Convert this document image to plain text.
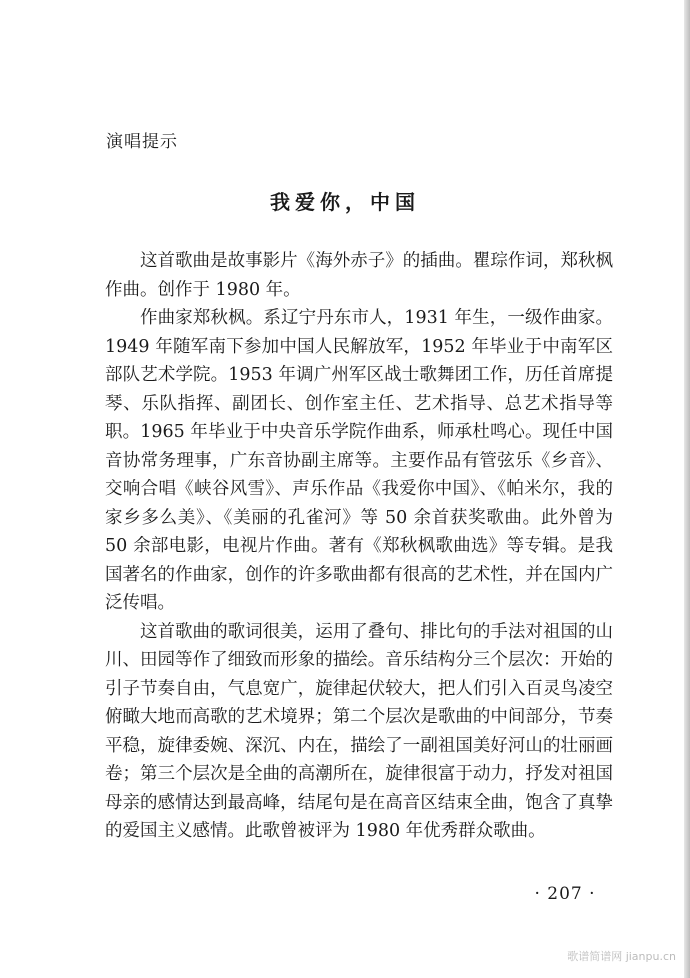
演唱提示
我爱你，中国

这首歌曲是故事影片《海外赤子》的插曲。瞿琮作词，郑秋枫作曲。创作于 1980 年。

作曲家郑秋枫。系辽宁丹东市人，1931 年生，一级作曲家。1949 年随军南下参加中国人民解放军，1952 年毕业于中南军区部队艺术学院。1953 年调广州军区战士歌舞团工作，历任首席提琴、乐队指挥、副团长、创作室主任、艺术指导、总艺术指导等职。1965 年毕业于中央音乐学院作曲系，师承杜鸣心。现任中国音协常务理事，广东音协副主席等。主要作品有管弦乐《乡音》、交响合唱《峡谷风雪》、声乐作品《我爱你中国》、《帕米尔，我的家乡多么美》、《美丽的孔雀河》等 50 余首获奖歌曲。此外曾为 50 余部电影，电视片作曲。著有《郑秋枫歌曲选》等专辑。是我国著名的作曲家，创作的许多歌曲都有很高的艺术性，并在国内广泛传唱。

这首歌曲的歌词很美，运用了叠句、排比句的手法对祖国的山川、田园等作了细致而形象的描绘。音乐结构分三个层次：开始的引子节奏自由，气息宽广，旋律起伏较大，把人们引入百灵鸟凌空俯瞰大地而高歌的艺术境界；第二个层次是歌曲的中间部分，节奏平稳，旋律委婉、深沉、内在，描绘了一副祖国美好河山的壮丽画卷；第三个层次是全曲的高潮所在，旋律很富于动力，抒发对祖国母亲的感情达到最高峰，结尾句是在高音区结束全曲，饱含了真挚的爱国主义感情。此歌曾被评为 1980 年优秀群众歌曲。

· 207 ·
歌谱简谱网 jianpu.cn
